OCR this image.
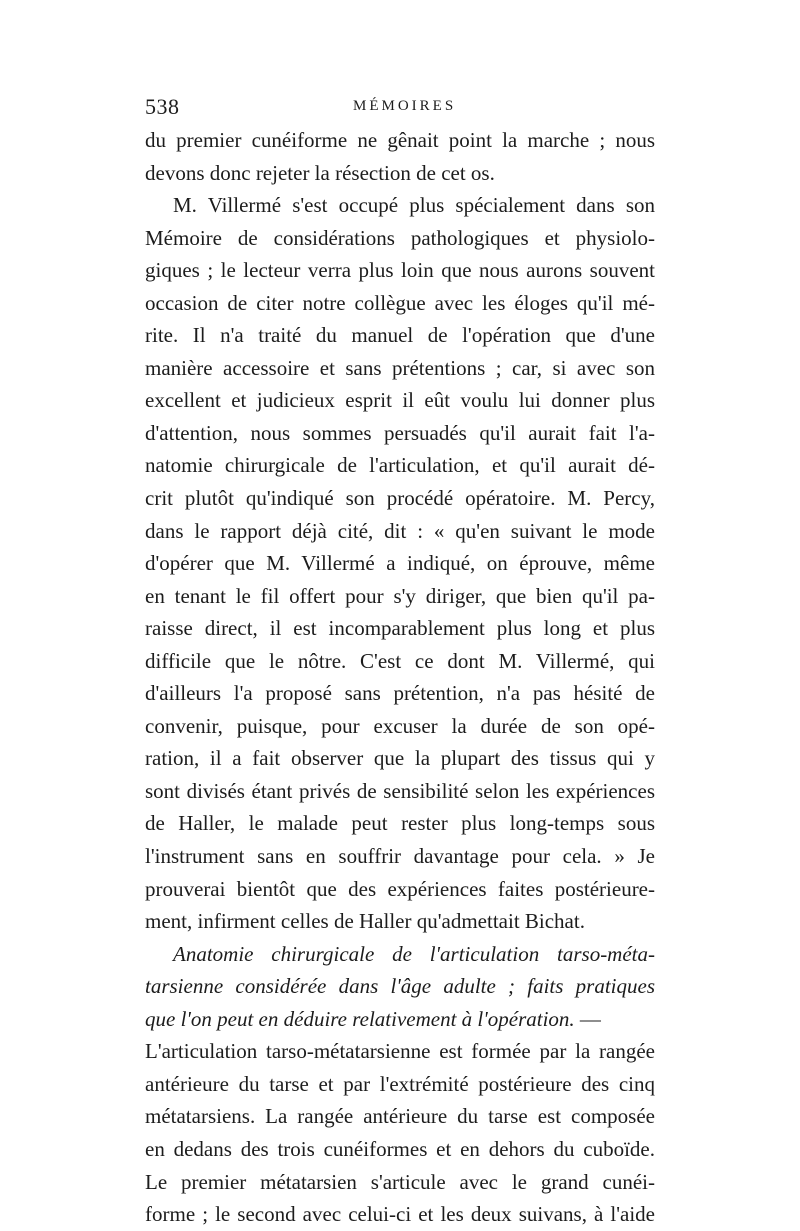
538	MÉMOIRES
du premier cunéiforme ne gênait point la marche ; nous
devons donc rejeter la résection de cet os.
M. Villermé s'est occupé plus spécialement dans son
Mémoire de considérations pathologiques et physiolo-
giques ; le lecteur verra plus loin que nous aurons souvent
occasion de citer notre collègue avec les éloges qu'il mé-
rite. Il n'a traité du manuel de l'opération que d'une
manière accessoire et sans prétentions ; car, si avec son
excellent et judicieux esprit il eût voulu lui donner plus
d'attention, nous sommes persuadés qu'il aurait fait l'a-
natomie chirurgicale de l'articulation, et qu'il aurait dé-
crit plutôt qu'indiqué son procédé opératoire. M. Percy,
dans le rapport déjà cité, dit : « qu'en suivant le mode
d'opérer que M. Villermé a indiqué, on éprouve, même
en tenant le fil offert pour s'y diriger, que bien qu'il pa-
raisse direct, il est incomparablement plus long et plus
difficile que le nôtre. C'est ce dont M. Villermé, qui
d'ailleurs l'a proposé sans prétention, n'a pas hésité de
convenir, puisque, pour excuser la durée de son opé-
ration, il a fait observer que la plupart des tissus qui y
sont divisés étant privés de sensibilité selon les expériences
de Haller, le malade peut rester plus long-temps sous
l'instrument sans en souffrir davantage pour cela. » Je
prouverai bientôt que des expériences faites postérieure-
ment, infirment celles de Haller qu'admettait Bichat.
Anatomie chirurgicale de l'articulation tarso-méta-
tarsienne considérée dans l'âge adulte ; faits pratiques
que l'on peut en déduire relativement à l'opération. —
L'articulation tarso-métatarsienne est formée par la rangée
antérieure du tarse et par l'extrémité postérieure des cinq
métatarsiens. La rangée antérieure du tarse est composée
en dedans des trois cunéiformes et en dehors du cuboïde.
Le premier métatarsien s'articule avec le grand cunéi-
forme ; le second avec celui-ci et les deux suivans, à l'aide
